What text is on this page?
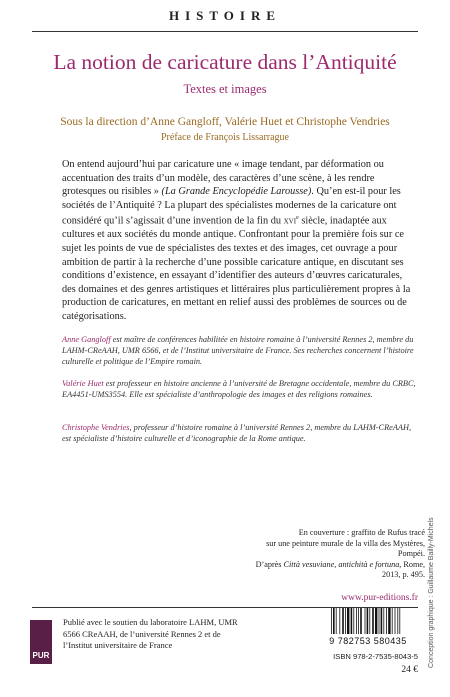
HISTOIRE
La notion de caricature dans l’Antiquité
Textes et images
Sous la direction d’Anne Gangloff, Valérie Huet et Christophe Vendries
Préface de François Lissarrague
On entend aujourd’hui par caricature une « image tendant, par déformation ou accentuation des traits d’un modèle, des caractères d’une scène, à les rendre grotesques ou risibles » (La Grande Encyclopédie Larousse). Qu’en est-il pour les sociétés de l’Antiquité ? La plupart des spécialistes modernes de la caricature ont considéré qu’il s’agissait d’une invention de la fin du xvi$^e$ siècle, inadaptée aux cultures et aux sociétés du monde antique. Confrontant pour la première fois sur ce sujet les points de vue de spécialistes des textes et des images, cet ouvrage a pour ambition de partir à la recherche d’une possible caricature antique, en discutant ses conditions d’existence, en essayant d’identifier des auteurs d’œuvres caricaturales, des domaines et des genres artistiques et littéraires plus particulièrement propres à la production de caricatures, en mettant en relief aussi des problèmes de sources ou de catégorisations.
Anne Gangloff est maître de conférences habilitée en histoire romaine à l’université Rennes 2, membre du LAHM-CReAAH, UMR 6566, et de l’Institut universitaire de France. Ses recherches concernent l’histoire culturelle et politique de l’Empire romain.
Valérie Huet est professeur en histoire ancienne à l’université de Bretagne occidentale, membre du CRBC, EA4451-UMS3554. Elle est spécialiste d’anthropologie des images et des religions romaines.
Christophe Vendries, professeur d’histoire romaine à l’université Rennes 2, membre du LAHM-CReAAH, est spécialiste d’histoire culturelle et d’iconographie de la Rome antique.
En couverture : graffito de Rufus tracé
sur une peinture murale de la villa des Mystères, Pompéi.
D’après Città vesuviane, antichità e fortuna, Rome, 2013, p. 495.
www.pur-editions.fr Conception graphique : Guillaume Bailly-Michels
PUR
Publié avec le soutien du laboratoire LAHM, UMR 6566 CReAAH, de l’université Rennes 2 et de l’Institut universitaire de France	9 782753 580435
ISBN 978-2-7535-8043-5
24 €
